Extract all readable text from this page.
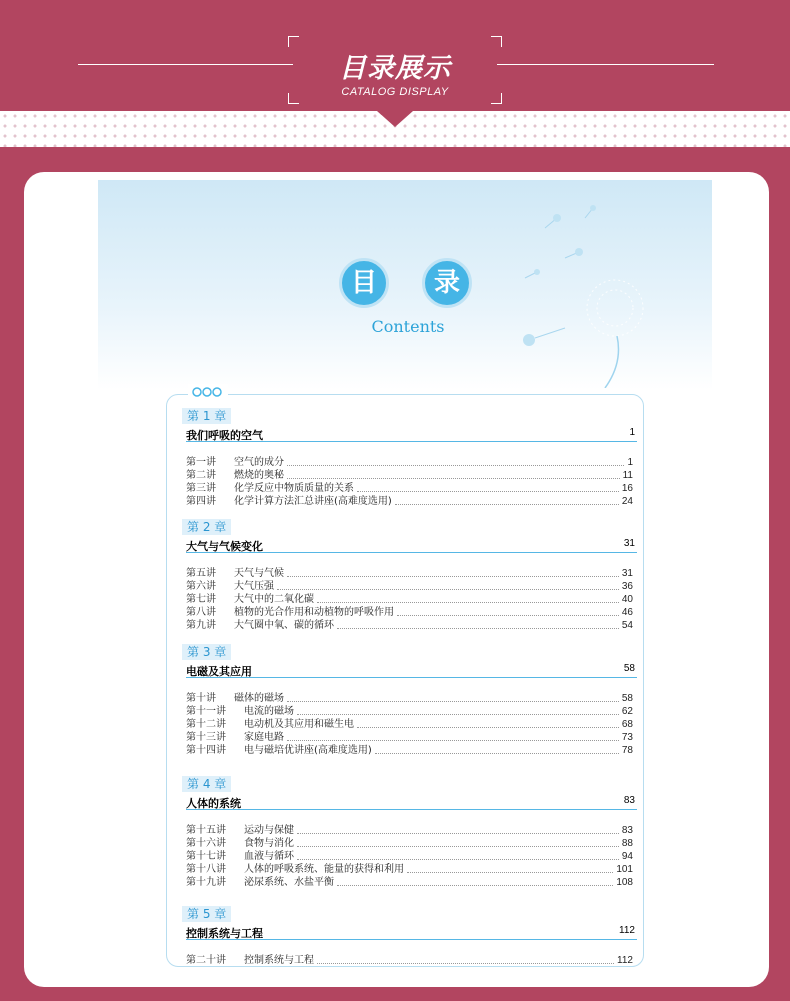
目录展示
CATALOG DISPLAY
目	录
Contents
第 1 章
我们呼吸的空气	1
第一讲 空气的成分	1
第二讲 燃烧的奥秘	11
第三讲 化学反应中物质质量的关系	16
第四讲 化学计算方法汇总讲座(高难度选用)	24
第 2 章
大气与气候变化	31
第五讲 天气与气候	31
第六讲 大气压强	36
第七讲 大气中的二氧化碳	40
第八讲 植物的光合作用和动植物的呼吸作用	46
第九讲 大气圈中氧、碳的循环	54
第 3 章
电磁及其应用	58
第十讲 磁体的磁场	58
第十一讲 电流的磁场	62
第十二讲 电动机及其应用和磁生电	68
第十三讲 家庭电路	73
第十四讲 电与磁培优讲座(高难度选用)	78
第 4 章
人体的系统	83
第十五讲 运动与保健	83
第十六讲 食物与消化	88
第十七讲 血液与循环	94
第十八讲 人体的呼吸系统、能量的获得和利用	101
第十九讲 泌尿系统、水盐平衡	108
第 5 章
控制系统与工程	112
第二十讲 控制系统与工程	112
